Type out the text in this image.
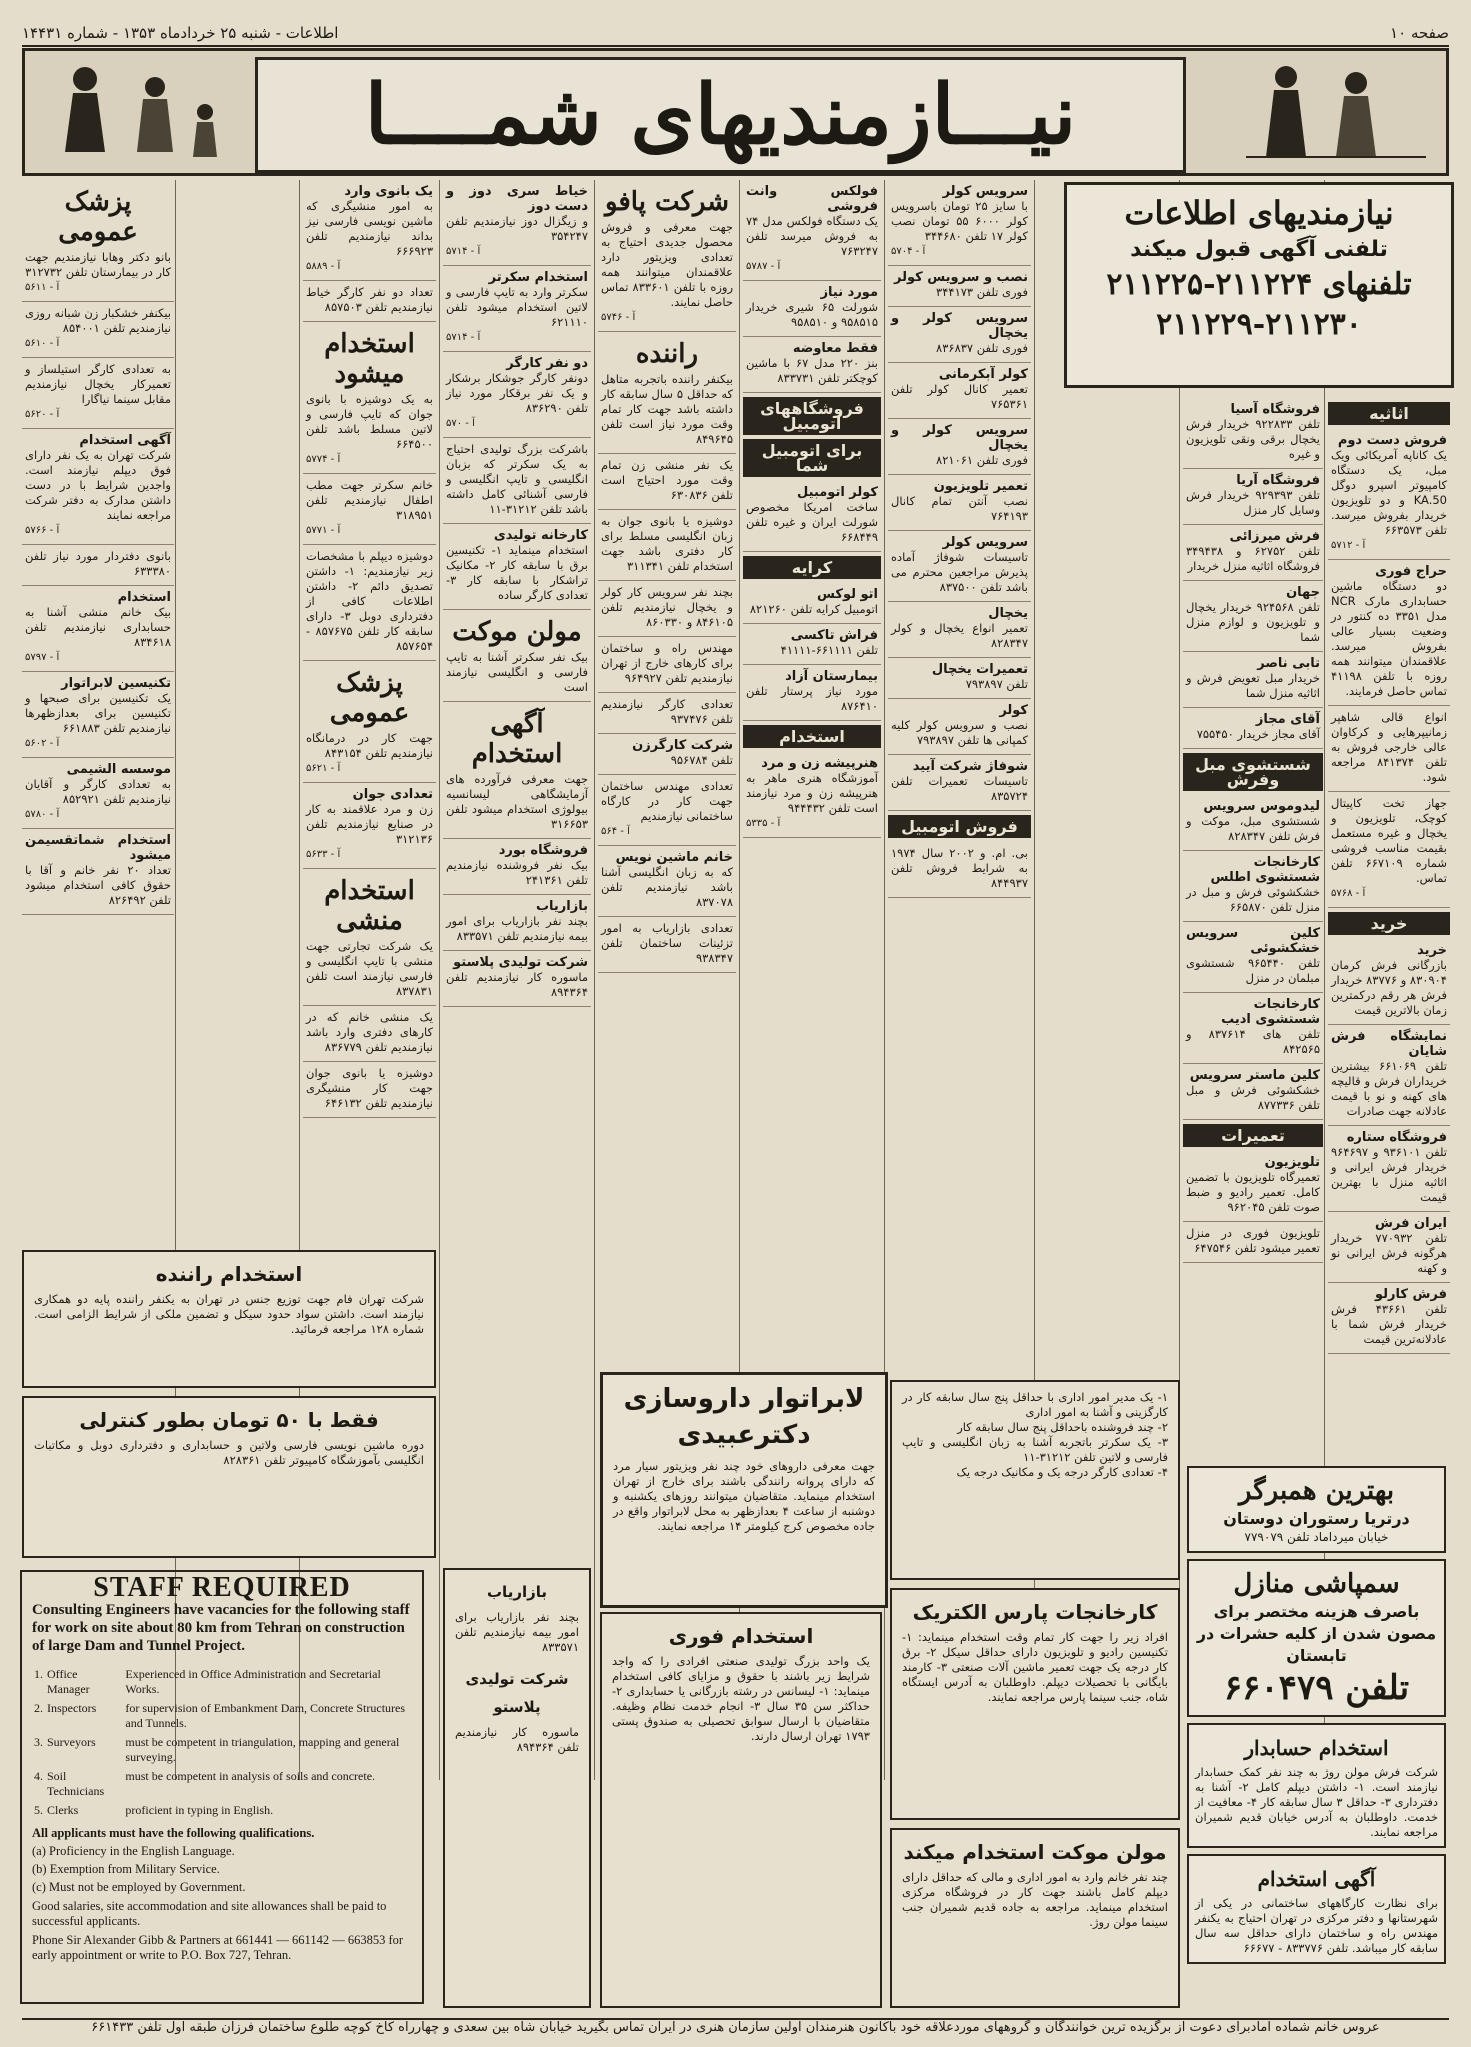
صفحه ۱۰
اطلاعات - شنبه ۲۵ خردادماه ۱۳۵۳ - شماره ۱۴۴۳۱
نیـــازمندیهای شمــــا
نیازمندیهای اطلاعات
تلفنی آگهی قبول میکند
تلفنهای ۲۱۱۲۲۴-۲۱۱۲۲۵
۲۱۱۲۲۹-۲۱۱۲۳۰
اثاثیه
فروش دست دوم
یک کاناپه آمریکائی ویک مبل، یک دستگاه کامپیوتر اسپرو دوگل KA.50 و دو تلویزیون خریدار بفروش میرسد. تلفن ۶۶۳۵۷۳
آ - ۵۷۱۲
حراج فوری
دو دستگاه ماشین حسابداری مارک NCR مدل ۳۳۵۱ ده کنتور در وضعیت بسیار عالی بفروش میرسد. علاقمندان میتوانند همه روزه با تلفن ۴۱۱۹۸ تماس حاصل فرمایند.
انواع قالی شاهپر زمانیپرهایی و کرکاوان عالی خارجی فروش به تلفن ۸۴۱۳۷۴ مراجعه شود.
جهاز تخت کاپیتال کوچک، تلویزیون و یخچال و غیره مستعمل بقیمت مناسب فروشی شماره ۶۶۷۱۰۹ تلفن تماس.
آ - ۵۷۶۸
خرید
خرید
بازرگانی فرش کرمان ۸۳۰۹۰۴ و ۸۳۷۷۶ خریدار فرش هر رقم درکمترین زمان بالاترین قیمت
نمایشگاه فرش شایان
تلفن ۶۶۱۰۶۹ بیشترین خریداران فرش و قالیچه های کهنه و نو با قیمت عادلانه جهت صادرات
فروشگاه ستاره
تلفن ۹۳۶۱۰۱ و ۹۶۴۶۹۷ خریدار فرش ایرانی و اثاثیه منزل با بهترین قیمت
ایران فرش
تلفن ۷۷۰۹۳۲ خریدار هرگونه فرش ایرانی نو و کهنه
فرش کارلو
تلفن ۴۳۶۶۱ فرش خریدار فرش شما با عادلانه‌ترین قیمت
فروشگاه آسیا
تلفن ۹۲۲۸۳۳ خریدار فرش یخچال برقی ونقی تلویزیون و غیره
فروشگاه آریا
تلفن ۹۲۹۳۹۳ خریدار فرش وسایل کار منزل
فرش میرزائی
تلفن ۶۲۷۵۲ و ۳۴۹۴۳۸ فروشگاه اثاثیه منزل خریدار
جهان
تلفن ۹۲۴۵۶۸ خریدار یخچال و تلویزیون و لوازم منزل شما
تابی ناصر
خریدار مبل تعویض فرش و اثاثیه منزل شما
آقای مجاز
آقای مجاز خریدار ۷۵۵۴۵۰
شستشوی مبل وفرش
لیدوموس سرویس
شستشوی مبل، موکت و فرش تلفن ۸۲۸۳۴۷
کارخانجات شستشوی اطلس
خشکشوئی فرش و مبل در منزل تلفن ۶۶۵۸۷۰
کلین سرویس خشکشوئی
تلفن ۹۶۵۴۴۰ شستشوی مبلمان در منزل
کارخانجات شستشوی ادیب
تلفن های ۸۳۷۶۱۴ و ۸۴۲۵۶۵
کلین ماستر سرویس
خشکشوئی فرش و مبل تلفن ۸۷۷۳۳۶
تعمیرات
تلویزیون
تعمیرگاه تلویزیون با تضمین کامل. تعمیر رادیو و ضبط صوت تلفن ۹۶۲۰۴۵
تلویزیون فوری در منزل تعمیر میشود تلفن ۶۴۷۵۴۶
سرویس کولر
با سایز ۲۵ تومان باسرویس کولر ۶۰۰۰ ۵۵ تومان نصب کولر ۱۷ تلفن ۳۴۴۶۸۰
آ - ۵۷۰۴
نصب و سرویس کولر
فوری تلفن ۳۴۴۱۷۳
سرویس کولر و یخچال
فوری تلفن ۸۳۶۸۳۷
کولر آبکرمانی
تعمیر کانال کولر تلفن ۷۶۵۳۶۱
سرویس کولر و یخچال
فوری تلفن ۸۲۱۰۶۱
تعمیر تلویزیون
نصب آنتن تمام کانال ۷۶۴۱۹۳
سرویس کولر
تاسیسات شوفاژ آماده پذیرش مراجعین محترم می باشد تلفن ۸۳۷۵۰۰
یخچال
تعمیر انواع یخچال و کولر ۸۲۸۳۴۷
تعمیرات یخچال
تلفن ۷۹۳۸۹۷
کولر
نصب و سرویس کولر کلیه کمپانی ها تلفن ۷۹۳۸۹۷
شوفاژ شرکت آیید
تاسیسات تعمیرات تلفن ۸۳۵۷۲۴
فروش اتومبیل
بی. ام. و ۲۰۰۲ سال ۱۹۷۴ به شرایط فروش تلفن ۸۴۴۹۳۷
فولکس وانت فروشی
یک دستگاه فولکس مدل ۷۴ به فروش میرسد تلفن ۷۶۳۲۴۷
آ - ۵۷۸۷
مورد نیاز
شورلت ۶۵ شیری خریدار ۹۵۸۵۱۵ و ۹۵۸۵۱۰
فقط معاوضه
بنز ۲۲۰ مدل ۶۷ با ماشین کوچکتر تلفن ۸۳۳۷۳۱
فروشگاههای اتومبیل
برای اتومبیل شما
کولر اتومبیل
ساخت امریکا مخصوص شورلت ایران و غیره تلفن ۶۶۸۴۴۹
کرایه
اتو لوکس
اتومبیل کرایه تلفن ۸۲۱۲۶۰
فراش تاکسی
تلفن ۶۶۱۱۱۱-۴۱۱۱۱
بیمارستان آزاد
مورد نیاز پرستار تلفن ۸۷۶۴۱۰
استخدام
هنرپیشه زن و مرد
آموزشگاه هنری ماهر به هنرپیشه زن و مرد نیازمند است تلفن ۹۴۴۴۳۲
آ - ۵۳۳۵
شرکت پافو
جهت معرفی و فروش محصول جدیدی احتیاج به تعدادی ویزیتور دارد علاقمندان میتوانند همه روزه با تلفن ۸۳۳۶۰۱ تماس حاصل نمایند.
آ - ۵۷۴۶
راننده
بیکنفر راننده باتجربه متاهل که حداقل ۵ سال سابقه کار داشته باشد جهت کار تمام وقت مورد نیاز است تلفن ۸۴۹۶۴۵
یک نفر منشی زن تمام وقت مورد احتیاج است تلفن ۶۳۰۸۳۶
دوشیزه یا بانوی جوان به زبان انگلیسی مسلط برای کار دفتری باشد جهت استخدام تلفن ۳۱۱۳۴۱
بچند نفر سرویس کار کولر و یخچال نیازمندیم تلفن ۸۴۶۱۰۵ و ۸۶۰۳۳۰
مهندس راه و ساختمان برای کارهای خارج از تهران نیازمندیم تلفن ۹۶۴۹۲۷
تعدادی کارگر نیازمندیم تلفن ۹۳۷۴۷۶
شرکت کارگرزن
تلفن ۹۵۶۷۸۴
تعدادی مهندس ساختمان جهت کار در کارگاه ساختمانی نیازمندیم
آ - ۵۶۴
خانم ماشین نویس
که به زبان انگلیسی آشنا باشد نیازمندیم تلفن ۸۳۷۰۷۸
تعدادی بازاریاب به امور تزئینات ساختمان تلفن ۹۳۸۳۴۷
خیاط سری دوز و دست دوز
و زیگزال دوز نیازمندیم تلفن ۳۵۴۲۴۷
آ - ۵۷۱۴
استخدام سکرتر
سکرتر وارد به تایپ فارسی و لاتین استخدام میشود تلفن ۶۲۱۱۱۰
آ - ۵۷۱۴
دو نفر کارگر
دونفر کارگر جوشکار برشکار و یک نفر برقکار مورد نیاز تلفن ۸۳۶۲۹۰
آ - ۵۷۰
باشرکت بزرگ تولیدی احتیاج به یک سکرتر که بزبان انگلیسی و تایپ انگلیسی و فارسی آشنائی کامل داشته باشد تلفن ۳۱۲۱۲-۱۱
کارخانه تولیدی
استخدام مینماید ۱- تکنیسین برق با سابقه کار ۲- مکانیک تراشکار با سابقه کار ۳- تعدادی کارگر ساده
مولن موکت
بیک نفر سکرتر آشنا به تایپ فارسی و انگلیسی نیازمند است
آگهی استخدام
جهت معرفی فرآورده های آزمایشگاهی لیسانسیه بیولوژی استخدام میشود تلفن ۳۱۶۶۵۳
فروشگاه بورد
بیک نفر فروشنده نیازمندیم تلفن ۲۴۱۳۶۱
بازاریاب
بچند نفر بازاریاب برای امور بیمه نیازمندیم تلفن ۸۳۳۵۷۱
شرکت تولیدی پلاستو
ماسوره کار نیازمندیم تلفن ۸۹۴۳۶۴
یک بانوی وارد
به امور منشیگری که ماشین نویسی فارسی نیز بداند نیازمندیم تلفن ۶۶۶۹۲۳
آ - ۵۸۸۹
تعداد دو نفر کارگر خیاط نیازمندیم تلفن ۸۵۷۵۰۳
استخدام میشود
به یک دوشیزه با بانوی جوان که تایپ فارسی و لاتین مسلط باشد تلفن ۶۶۴۵۰۰
آ - ۵۷۷۴
خانم سکرتر جهت مطب اطفال نیازمندیم تلفن ۳۱۸۹۵۱
آ - ۵۷۷۱
دوشیزه دیپلم با مشخصات زیر نیازمندیم: ۱- داشتن تصدیق دائم ۲- داشتن اطلاعات کافی از دفترداری دوبل ۳- دارای سابقه کار تلفن ۸۵۷۶۷۵ - ۸۵۷۶۵۴
پزشک عمومی
جهت کار در درمانگاه نیازمندیم تلفن ۸۴۳۱۵۴
آ - ۵۶۲۱
تعدادی جوان
زن و مرد علاقمند به کار در صنایع نیازمندیم تلفن ۳۱۲۱۳۶
آ - ۵۶۳۳
استخدام منشی
یک شرکت تجارتی جهت منشی با تایپ انگلیسی و فارسی نیازمند است تلفن ۸۳۷۸۳۱
یک منشی خانم که در کارهای دفتری وارد باشد نیازمندیم تلفن ۸۳۶۷۷۹
دوشیزه یا بانوی جوان جهت کار منشیگری نیازمندیم تلفن ۶۴۶۱۳۲
پزشک عمومی
بانو دکتر وهابا نیازمندیم جهت کار در بیمارستان تلفن ۳۱۲۷۳۲
آ - ۵۶۱۱
بیکنفر خشکبار زن شبانه روزی نیازمندیم تلفن ۸۵۴۰۰۱
آ - ۵۶۱۰
به تعدادی کارگر استیلساز و تعمیرکار یخچال نیازمندیم مقابل سینما نیاگارا
آ - ۵۶۲۰
آگهی استخدام
شرکت تهران به یک نفر دارای فوق دیپلم نیازمند است. واجدین شرایط با در دست داشتن مدارک به دفتر شرکت مراجعه نمایند
آ - ۵۷۶۶
بانوی دفتردار مورد نیاز تلفن ۶۳۳۳۸۰
استخدام
بیک خانم منشی آشنا به حسابداری نیازمندیم تلفن ۸۳۴۶۱۸
آ - ۵۷۹۷
تکنیسین لابراتوار
یک تکنیسین برای صبحها و تکنیسین برای بعدازظهرها نیازمندیم تلفن ۶۶۱۸۸۳
آ - ۵۶۰۲
موسسه الشیمی
به تعدادی کارگر و آقایان نیازمندیم تلفن ۸۵۲۹۲۱
آ - ۵۷۸۰
استخدام شماتقسیمن میشود
تعداد ۲۰ نفر خانم و آقا با حقوق کافی استخدام میشود تلفن ۸۲۶۴۹۲
استخدام راننده
شرکت تهران فام جهت توزیع جنس در تهران به یکنفر راننده پایه دو همکاری نیازمند است. داشتن سواد حدود سیکل و تضمین ملکی از شرایط الزامی است. شماره ۱۲۸ مراجعه فرمائید.
فقط با ۵۰ تومان بطور کنترلی
دوره ماشین نویسی فارسی ولاتین و حسابداری و دفترداری دوبل و مکاتبات انگلیسی بآموزشگاه کامپیوتر تلفن ۸۲۸۳۶۱
STAFF REQUIRED
Consulting Engineers have vacancies for the following staff for work on site about 80 km from Tehran on construction of large Dam and Tunnel Project.
1.	Office Manager	Experienced in Office Administration and Secretarial Works.
2.	Inspectors	for supervision of Embankment Dam, Concrete Structures and Tunnels.
3.	Surveyors	must be competent in triangulation, mapping and general surveying.
4.	Soil Technicians	must be competent in analysis of soils and concrete.
5.	Clerks	proficient in typing in English.
All applicants must have the following qualifications.
(a) Proficiency in the English Language.
(b) Exemption from Military Service.
(c) Must not be employed by Government.
Good salaries, site accommodation and site allowances shall be paid to successful applicants.
Phone Sir Alexander Gibb & Partners at 661441 — 661142 — 663853 for early appointment or write to P.O. Box 727, Tehran.
لابراتوار داروسازی دکترعبیدی
جهت معرفی داروهای خود چند نفر ویزیتور سیار مرد که دارای پروانه رانندگی باشند برای خارج از تهران استخدام مینماید. متقاضیان میتوانند روزهای یکشنبه و دوشنبه از ساعت ۴ بعدازظهر به محل لابراتوار واقع در جاده مخصوص کرج کیلومتر ۱۴ مراجعه نمایند.
بازاریاب
بچند نفر بازاریاب برای امور بیمه نیازمندیم تلفن ۸۳۳۵۷۱
شرکت تولیدی پلاستو
ماسوره کار نیازمندیم تلفن ۸۹۴۳۶۴
استخدام فوری
یک واحد بزرگ تولیدی صنعتی افرادی را که واجد شرایط زیر باشند با حقوق و مزایای کافی استخدام مینماید: ۱- لیسانس در رشته بازرگانی یا حسابداری ۲- حداکثر سن ۳۵ سال ۳- انجام خدمت نظام وظیفه. متقاضیان با ارسال سوابق تحصیلی به صندوق پستی ۱۷۹۳ تهران ارسال دارند.
۱- یک مدیر امور اداری با حداقل پنج سال سابقه کار در کارگزینی و آشنا به امور اداری
۲- چند فروشنده باحداقل پنج سال سابقه کار
۳- یک سکرتر باتجربه آشنا به زبان انگلیسی و تایپ فارسی و لاتین تلفن ۳۱۲۱۲-۱۱
۴- تعدادی کارگر درجه یک و مکانیک درجه یک
کارخانجات پارس الکتریک
افراد زیر را جهت کار تمام وقت استخدام مینماید: ۱- تکنیسین رادیو و تلویزیون دارای حداقل سیکل ۲- برق کار درجه یک جهت تعمیر ماشین آلات صنعتی ۳- کارمند بایگانی با تحصیلات دیپلم. داوطلبان به آدرس ایستگاه شاه، جنب سینما پارس مراجعه نمایند.
مولن موکت استخدام میکند
چند نفر خانم وارد به امور اداری و مالی که حداقل دارای دیپلم کامل باشند جهت کار در فروشگاه مرکزی استخدام مینماید. مراجعه به جاده قدیم شمیران جنب سینما مولن روژ.
بهترین همبرگر
درتریا رستوران دوستان
خیابان میرداماد تلفن ۷۷۹۰۷۹
سمپاشی منازل
باصرف هزینه مختصر برای مصون شدن از کلیه حشرات در تابستان
تلفن ۶۶۰۴۷۹
استخدام حسابدار
شرکت فرش مولن روژ به چند نفر کمک حسابدار نیازمند است. ۱- داشتن دیپلم کامل ۲- آشنا به دفترداری ۳- حداقل ۳ سال سابقه کار ۴- معافیت از خدمت. داوطلبان به آدرس خیابان قدیم شمیران مراجعه نمایند.
آگهی استخدام
برای نظارت کارگاههای ساختمانی در یکی از شهرستانها و دفتر مرکزی در تهران احتیاج به یکنفر مهندس راه و ساختمان دارای حداقل سه سال سابقه کار میباشد. تلفن ۸۳۳۷۷۶ - ۶۶۶۷۷
عروس خانم شماده امادبرای دعوت از برگزیده ترین خوانندگان و گروههای موردعلاقه خود باکانون هنرمندان اولین سازمان هنری در ایران تماس بگیرید خیابان شاه بین سعدی و چهارراه کاخ کوچه طلوع ساختمان فرزان طبقه اول تلفن ۶۶۱۴۳۳
